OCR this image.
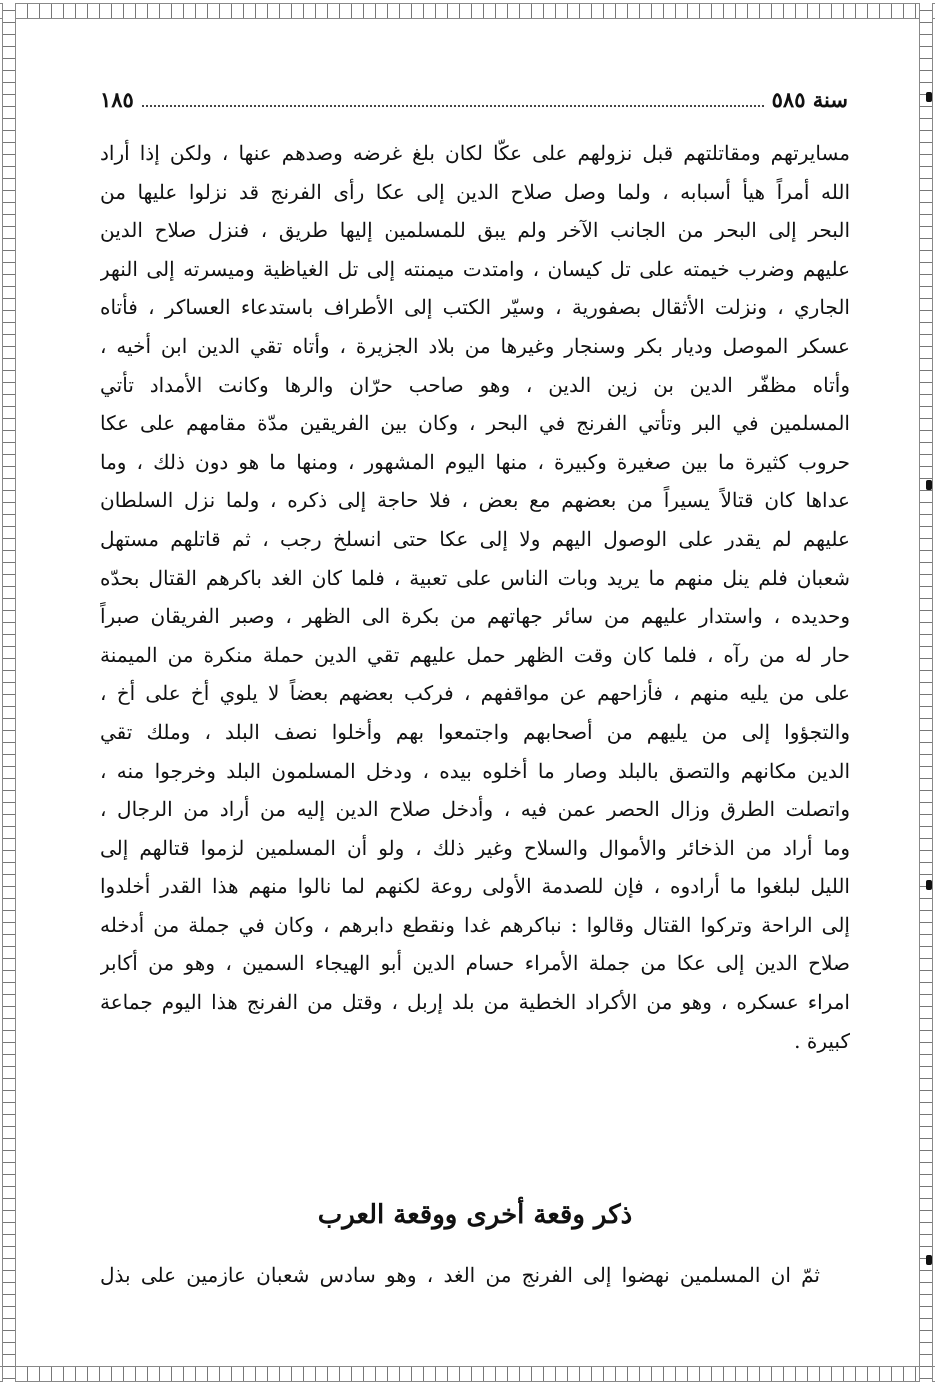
سنة ٥٨٥
١٨٥
مسايرتهم ومقاتلتهم قبل نزولهم على عكّا لكان بلغ غرضه وصدهم عنها ، ولكن إذا أراد
الله أمراً هيأ أسبابه ، ولما وصل صلاح الدين إلى عكا رأى الفرنج قد نزلوا عليها من
البحر إلى البحر من الجانب الآخر ولم يبق للمسلمين إليها طريق ، فنزل صلاح الدين
عليهم وضرب خيمته على تل كيسان ، وامتدت ميمنته إلى تل الغياظية وميسرته إلى النهر
الجاري ، ونزلت الأثقال بصفورية ، وسيّر الكتب إلى الأطراف باستدعاء العساكر ، فأتاه
عسكر الموصل وديار بكر وسنجار وغيرها من بلاد الجزيرة ، وأتاه تقي الدين ابن أخيه ،
وأتاه مظفّر الدين بن زين الدين ، وهو صاحب حرّان والرها وكانت الأمداد تأتي
المسلمين في البر وتأتي الفرنج في البحر ، وكان بين الفريقين مدّة مقامهم على عكا
حروب كثيرة ما بين صغيرة وكبيرة ، منها اليوم المشهور ، ومنها ما هو دون ذلك ، وما
عداها كان قتالاً يسيراً من بعضهم مع بعض ، فلا حاجة إلى ذكره ، ولما نزل السلطان
عليهم لم يقدر على الوصول اليهم ولا إلى عكا حتى انسلخ رجب ، ثم قاتلهم مستهل
شعبان فلم ينل منهم ما يريد وبات الناس على تعبية ، فلما كان الغد باكرهم القتال بحدّه
وحديده ، واستدار عليهم من سائر جهاتهم من بكرة الى الظهر ، وصبر الفريقان صبراً
حار له من رآه ، فلما كان وقت الظهر حمل عليهم تقي الدين حملة منكرة من الميمنة
على من يليه منهم ، فأزاحهم عن مواقفهم ، فركب بعضهم بعضاً لا يلوي أخ على أخ ،
والتجؤوا إلى من يليهم من أصحابهم واجتمعوا بهم وأخلوا نصف البلد ، وملك تقي
الدين مكانهم والتصق بالبلد وصار ما أخلوه بيده ، ودخل المسلمون البلد وخرجوا منه ،
واتصلت الطرق وزال الحصر عمن فيه ، وأدخل صلاح الدين إليه من أراد من الرجال ،
وما أراد من الذخائر والأموال والسلاح وغير ذلك ، ولو أن المسلمين لزموا قتالهم إلى
الليل لبلغوا ما أرادوه ، فإن للصدمة الأولى روعة لكنهم لما نالوا منهم هذا القدر أخلدوا
إلى الراحة وتركوا القتال وقالوا : نباكرهم غدا ونقطع دابرهم ، وكان في جملة من أدخله
صلاح الدين إلى عكا من جملة الأمراء حسام الدين أبو الهيجاء السمين ، وهو من أكابر
امراء عسكره ، وهو من الأكراد الخطية من بلد إربل ، وقتل من الفرنج هذا اليوم جماعة
كبيرة .
ذكر وقعة أخرى ووقعة العرب
ثمّ ان المسلمين نهضوا إلى الفرنج من الغد ، وهو سادس شعبان عازمين على بذل
